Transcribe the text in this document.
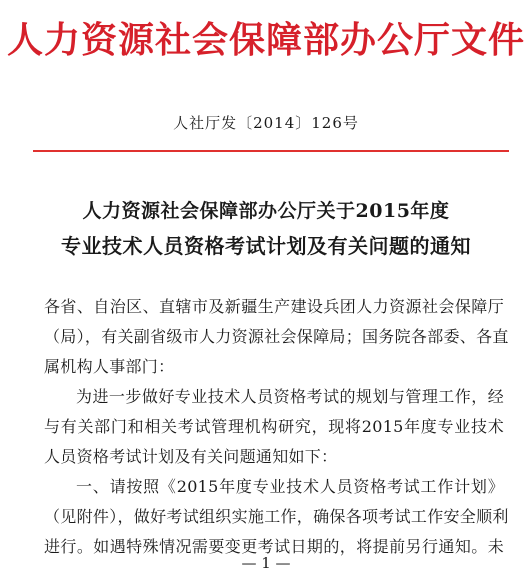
人力资源社会保障部办公厅文件
人社厅发〔2014〕126号
人力资源社会保障部办公厅关于2015年度
专业技术人员资格考试计划及有关问题的通知
各省、自治区、直辖市及新疆生产建设兵团人力资源社会保障厅
（局），有关副省级市人力资源社会保障局；国务院各部委、各直
属机构人事部门：
为进一步做好专业技术人员资格考试的规划与管理工作，经
与有关部门和相关考试管理机构研究，现将2015年度专业技术
人员资格考试计划及有关问题通知如下：
一、请按照《2015年度专业技术人员资格考试工作计划》
（见附件），做好考试组织实施工作，确保各项考试工作安全顺利
进行。如遇特殊情况需要变更考试日期的，将提前另行通知。未
— 1 —
